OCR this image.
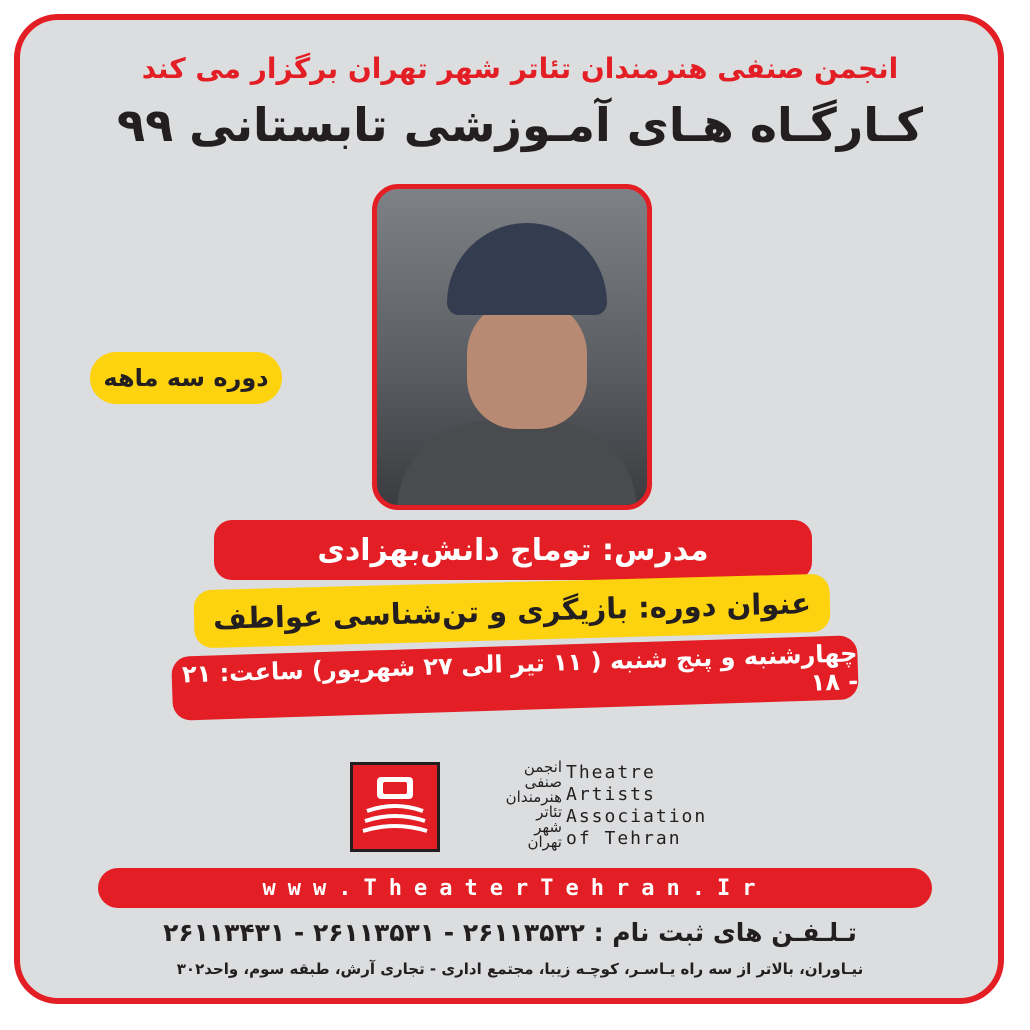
انجمن صنفی هنرمندان تئاتر شهر تهران برگزار می کند
کـارگـاه هـای آمـوزشی تابستانی ۹۹
دوره سه ماهه
مدرس: توماج دانش‌بهزادی
عنوان دوره: بازیگری و تن‌شناسی عواطف
چهارشنبه و پنج شنبه ( ۱۱ تیر الی ۲۷ شهریور) ساعت: ۲۱ - ۱۸
انجمن
صنفی
هنرمندان
تئاتر
شهر
تهران
Theatre
Artists
Association
of Tehran
www.TheaterTehran.Ir
تـلـفـن های ثبت نام : ۲۶۱۱۳۵۳۲ - ۲۶۱۱۳۵۳۱ - ۲۶۱۱۳۴۳۱
نیـاوران، بالاتر از سه راه یـاسـر، کوچـه زیبا، مجتمع اداری - تجاری آرش، طبقه سوم، واحد۳۰۲
